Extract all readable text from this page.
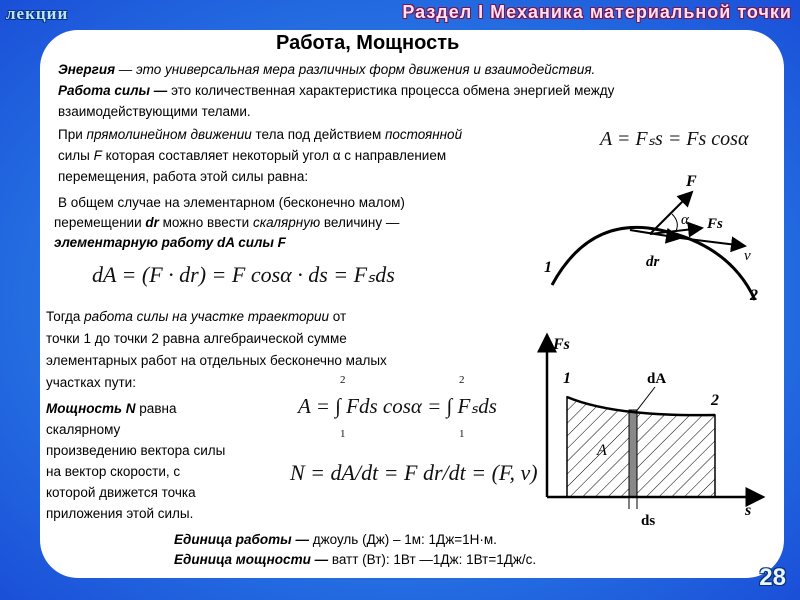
лекции	Раздел I Механика материальной точки
Работа, Мощность
Энергия — это универсальная мера различных форм движения и взаимодействия.
Работа силы — это количественная характеристика процесса обмена энергией между
взаимодействующими телами.
При прямолинейном движении тела под действием постоянной
силы F которая составляет некоторый угол α с направлением
перемещения, работа этой силы равна:
A = Fₛs = Fs cosα
В общем случае на элементарном (бесконечно малом)
перемещении dr можно ввести скалярную величину —
элементарную работу dA силы F
dA = (F · dr) = F cosα · ds = Fₛds
F
α Fs
dr	v
1
2
Тогда работа силы на участке траектории от
точки 1 до точки 2 равна алгебраической сумме
элементарных работ на отдельных бесконечно малых
участках пути:
Мощность N равна
скалярному
произведению вектора силы
на вектор скорости, с
которой движется точка
приложения этой силы.
A = ∫ Fds cosα = ∫ Fₛds
2
1
2
1
N = dA/dt = F dr/dt = (F, v)
Fs
s
dA
A
ds
1
2
Единица работы — джоуль (Дж) – 1м: 1Дж=1Н·м.
Единица мощности — ватт (Вт): 1Вт —1Дж: 1Вт=1Дж/с.
28
